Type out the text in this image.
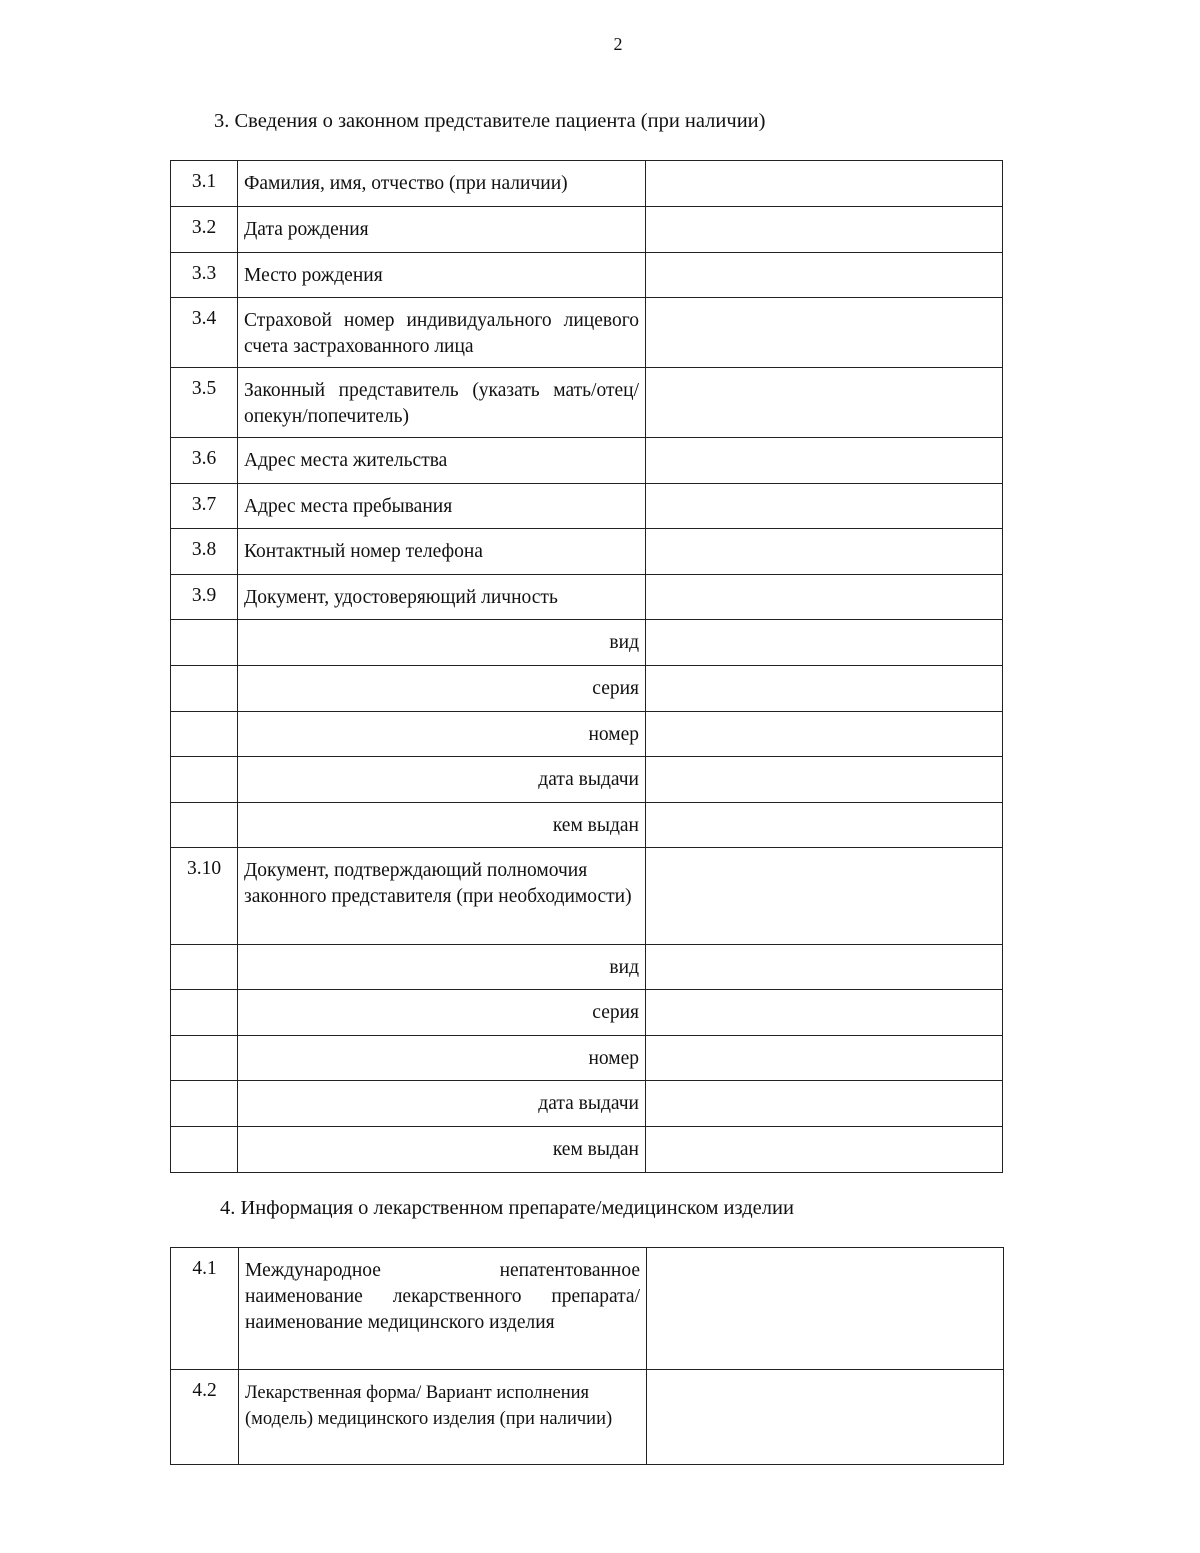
2
3. Сведения о законном представителе пациента (при наличии)
3.1	Фамилия, имя, отчество (при наличии)	
3.2	Дата рождения	
3.3	Место рождения	
3.4	Страховой номер индивидуального лицевого счета застрахованного лица	
3.5	Законный представитель (указать мать/отец/опекун/попечитель)	
3.6	Адрес места жительства	
3.7	Адрес места пребывания	
3.8	Контактный номер телефона	
3.9	Документ, удостоверяющий личность	
	вид	
	серия	
	номер	
	дата выдачи	
	кем выдан	
3.10	Документ, подтверждающий полномочия законного представителя (при необходимости)	
	вид	
	серия	
	номер	
	дата выдачи	
	кем выдан	
4. Информация о лекарственном препарате/медицинском изделии
4.1	Международное непатентованное наименование лекарственного препарата/наименование медицинского изделия	
4.2	Лекарственная форма/ Вариант исполнения (модель) медицинского изделия (при наличии)	
